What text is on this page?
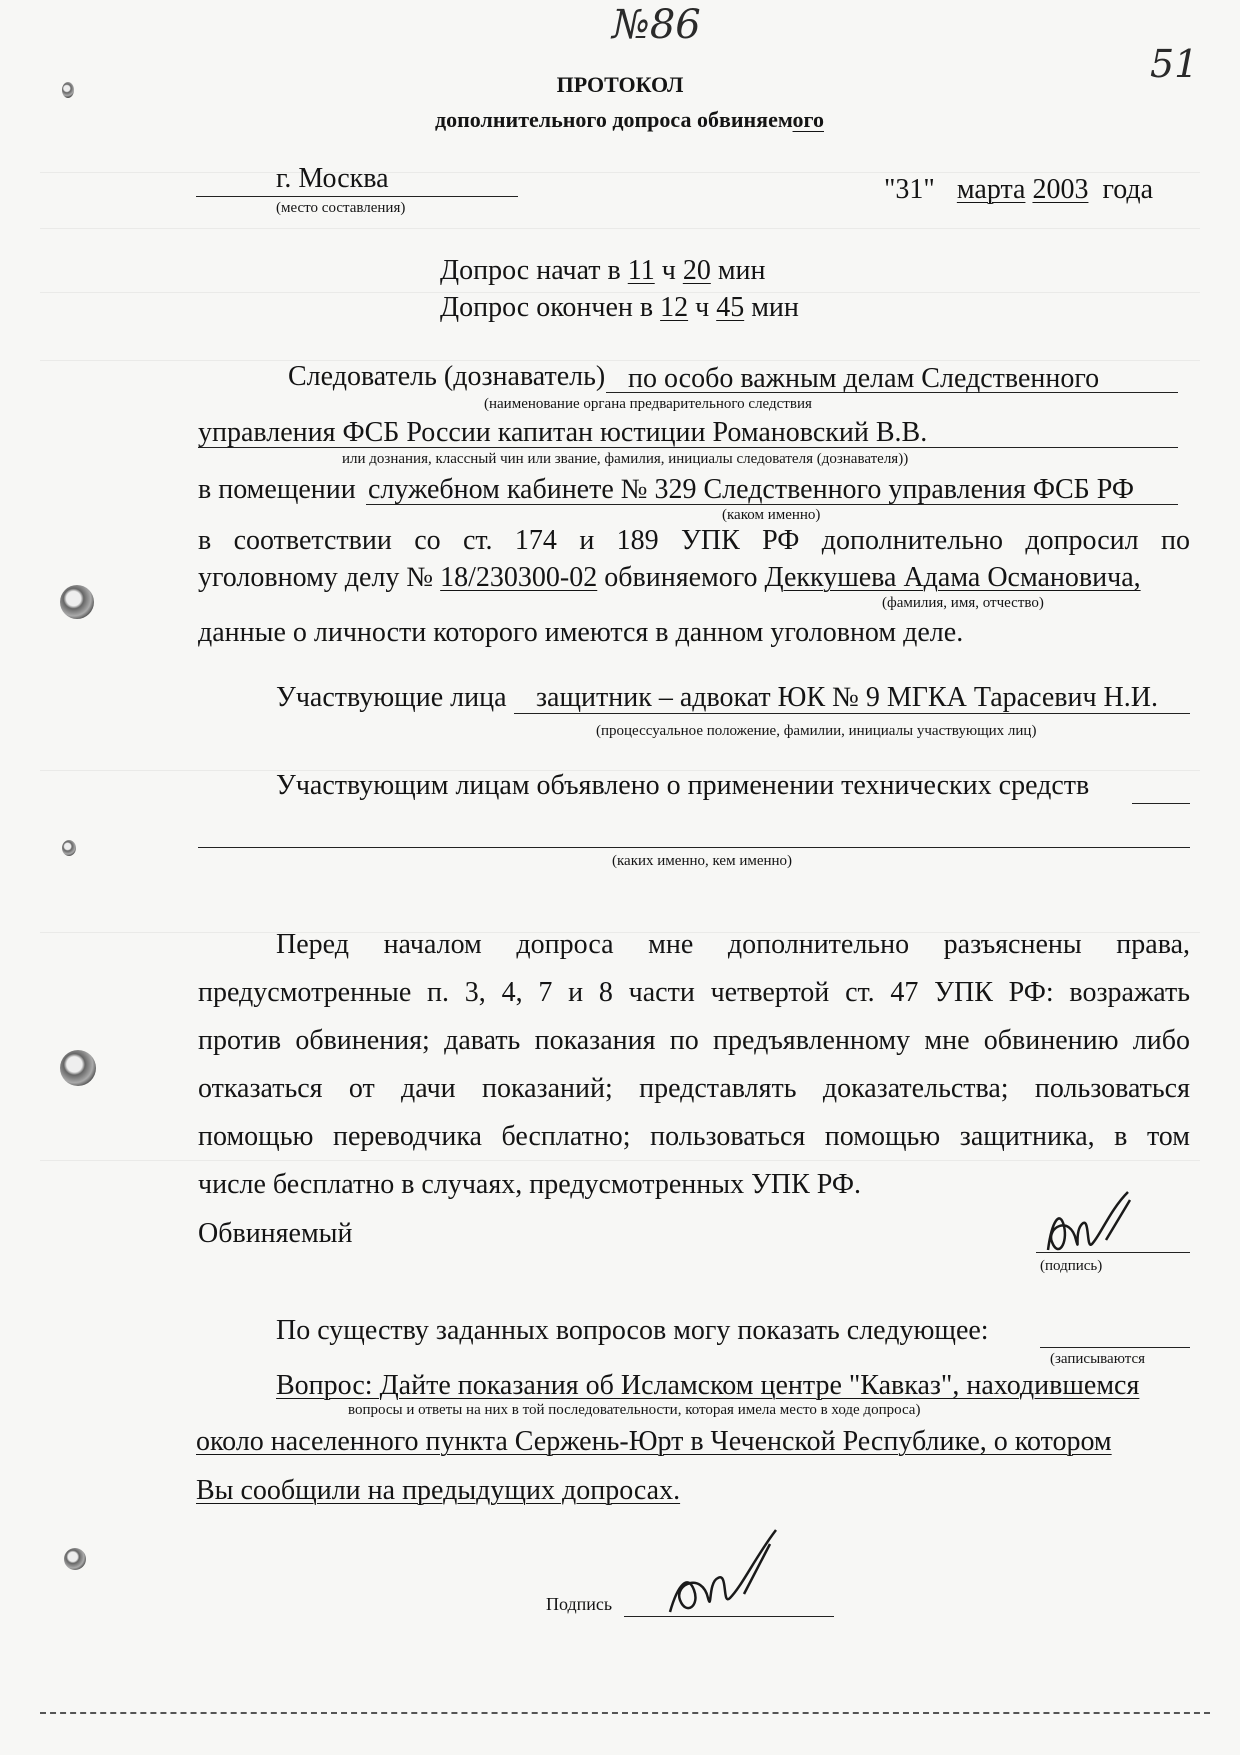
№86
51
ПРОТОКОЛ
дополнительного допроса обвиняемого
г. Москва
(место составления)
"31" марта 2003 года
Допрос начат в 11 ч 20 мин
Допрос окончен в 12 ч 45 мин
Следователь (дознаватель) по особо важным делам Следственного
(наименование органа предварительного следствия
управления ФСБ России капитан юстиции Романовский В.В.
или дознания, классный чин или звание, фамилия, инициалы следователя (дознавателя))
в помещении служебном кабинете № 329 Следственного управления ФСБ РФ
(каком именно)
в соответствии со ст. 174 и 189 УПК РФ дополнительно допросил по
уголовному делу № 18/230300-02 обвиняемого Деккушева Адама Османовича,
(фамилия, имя, отчество)
данные о личности которого имеются в данном уголовном деле.
Участвующие лица защитник – адвокат ЮК № 9 МГКА Тарасевич Н.И.
(процессуальное положение, фамилии, инициалы участвующих лиц)
Участвующим лицам объявлено о применении технических средств
(каких именно, кем именно)
Перед началом допроса мне дополнительно разъяснены права,
предусмотренные п. 3, 4, 7 и 8 части четвертой ст. 47 УПК РФ: возражать
против обвинения; давать показания по предъявленному мне обвинению либо
отказаться от дачи показаний; представлять доказательства; пользоваться
помощью переводчика бесплатно; пользоваться помощью защитника, в том
числе бесплатно в случаях, предусмотренных УПК РФ.
Обвиняемый
(подпись)
По существу заданных вопросов могу показать следующее:
(записываются
Вопрос: Дайте показания об Исламском центре "Кавказ", находившемся
вопросы и ответы на них в той последовательности, которая имела место в ходе допроса)
около населенного пункта Сержень-Юрт в Чеченской Республике, о котором
Вы сообщили на предыдущих допросах.
Подпись
